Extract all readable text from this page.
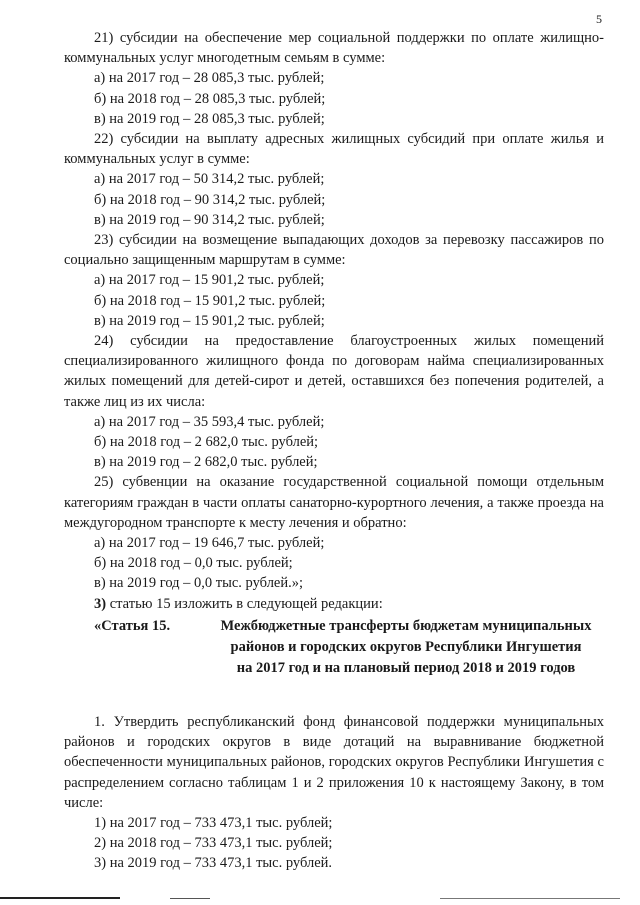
5

21) субсидии на обеспечение мер социальной поддержки по оплате жилищно-коммунальных услуг многодетным семьям в сумме:

а) на 2017 год – 28 085,3 тыс. рублей;

б) на 2018 год – 28 085,3 тыс. рублей;

в) на 2019 год – 28 085,3 тыс. рублей;

22) субсидии на выплату адресных жилищных субсидий при оплате жилья и коммунальных услуг в сумме:

а) на 2017 год – 50 314,2 тыс. рублей;

б) на 2018 год – 90 314,2 тыс. рублей;

в) на 2019 год – 90 314,2 тыс. рублей;

23) субсидии на возмещение выпадающих доходов за перевозку пассажиров по социально защищенным маршрутам в сумме:

а) на 2017 год – 15 901,2 тыс. рублей;

б) на 2018 год – 15 901,2 тыс. рублей;

в) на 2019 год – 15 901,2 тыс. рублей;

24) субсидии на предоставление благоустроенных жилых помещений специализированного жилищного фонда по договорам найма специализированных жилых помещений для детей-сирот и детей, оставшихся без попечения родителей, а также лиц из их числа:

а) на 2017 год – 35 593,4 тыс. рублей;

б) на 2018 год – 2 682,0 тыс. рублей;

в) на 2019 год – 2 682,0 тыс. рублей;

25) субвенции на оказание государственной социальной помощи отдельным категориям граждан в части оплаты санаторно-курортного лечения, а также проезда на междугородном транспорте к месту лечения и обратно:

а) на 2017 год – 19 646,7 тыс. рублей;

б) на 2018 год – 0,0 тыс. рублей;

в) на 2019 год – 0,0 тыс. рублей.»;

3) статью 15 изложить в следующей редакции:

«Статья 15.	Межбюджетные трансферты бюджетам муниципальных
районов и городских округов Республики Ингушетия
на 2017 год и на плановый период 2018 и 2019 годов

1. Утвердить республиканский фонд финансовой поддержки муниципальных районов и городских округов в виде дотаций на выравнивание бюджетной обеспеченности муниципальных районов, городских округов Республики Ингушетия с распределением согласно таблицам 1 и 2 приложения 10 к настоящему Закону, в том числе:

1) на 2017 год – 733 473,1 тыс. рублей;

2) на 2018 год – 733 473,1 тыс. рублей;

3) на 2019 год – 733 473,1 тыс. рублей.
